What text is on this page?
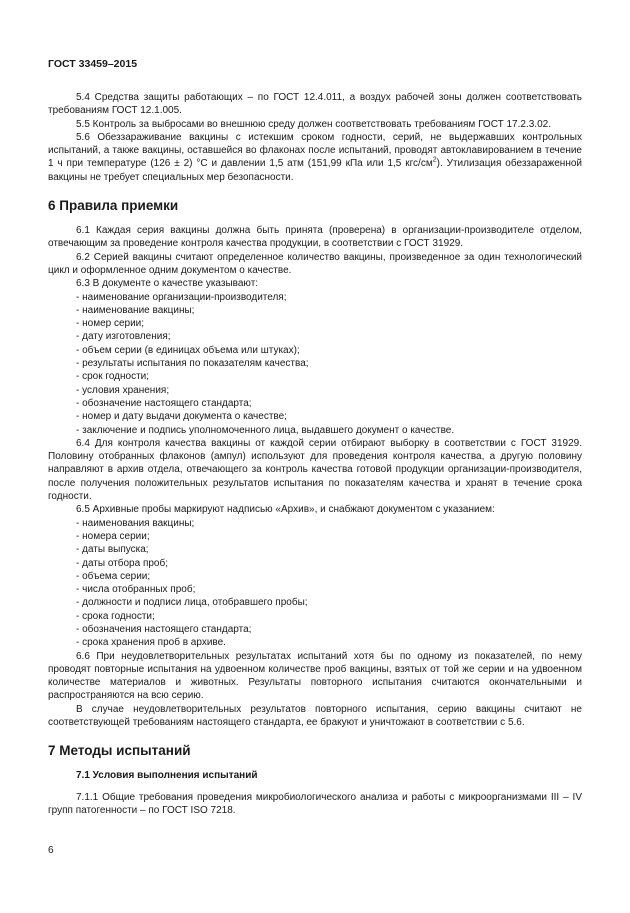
ГОСТ 33459–2015
5.4 Средства защиты работающих – по ГОСТ 12.4.011, а воздух рабочей зоны должен соответствовать требованиям ГОСТ 12.1.005.
5.5 Контроль за выбросами во внешнюю среду должен соответствовать требованиям ГОСТ 17.2.3.02.
5.6 Обеззараживание вакцины с истекшим сроком годности, серий, не выдержавших контрольных испытаний, а также вакцины, оставшейся во флаконах после испытаний, проводят автоклавированием в течение 1 ч при температуре (126 ± 2) °С и давлении 1,5 атм (151,99 кПа или 1,5 кгс/$см^2$). Утилизация обеззараженной вакцины не требует специальных мер безопасности.
6 Правила приемки
6.1 Каждая серия вакцины должна быть принята (проверена) в организации-производителе отделом, отвечающим за проведение контроля качества продукции, в соответствии с ГОСТ 31929.
6.2 Серией вакцины считают определенное количество вакцины, произведенное за один технологический цикл и оформленное одним документом о качестве.
6.3 В документе о качестве указывают:
- наименование организации-производителя;
- наименование вакцины;
- номер серии;
- дату изготовления;
- объем серии (в единицах объема или штуках);
- результаты испытания по показателям качества;
- срок годности;
- условия хранения;
- обозначение настоящего стандарта;
- номер и дату выдачи документа о качестве;
- заключение и подпись уполномоченного лица, выдавшего документ о качестве.
6.4 Для контроля качества вакцины от каждой серии отбирают выборку в соответствии с ГОСТ 31929. Половину отобранных флаконов (ампул) используют для проведения контроля качества, а другую половину направляют в архив отдела, отвечающего за контроль качества готовой продукции организации-производителя, после получения положительных результатов испытания по показателям качества и хранят в течение срока годности.
6.5 Архивные пробы маркируют надписью «Архив», и снабжают документом с указанием:
- наименования вакцины;
- номера серии;
- даты выпуска;
- даты отбора проб;
- объема серии;
- числа отобранных проб;
- должности и подписи лица, отобравшего пробы;
- срока годности;
- обозначения настоящего стандарта;
- срока хранения проб в архиве.
6.6 При неудовлетворительных результатах испытаний хотя бы по одному из показателей, по нему проводят повторные испытания на удвоенном количестве проб вакцины, взятых от той же серии и на удвоенном количестве материалов и животных. Результаты повторного испытания считаются окончательными и распространяются на всю серию.
В случае неудовлетворительных результатов повторного испытания, серию вакцины считают не соответствующей требованиям настоящего стандарта, ее бракуют и уничтожают в соответствии с 5.6.
7 Методы испытаний
7.1 Условия выполнения испытаний
7.1.1 Общие требования проведения микробиологического анализа и работы с микроорганизмами III – IV групп патогенности – по ГОСТ ISO 7218.
6
